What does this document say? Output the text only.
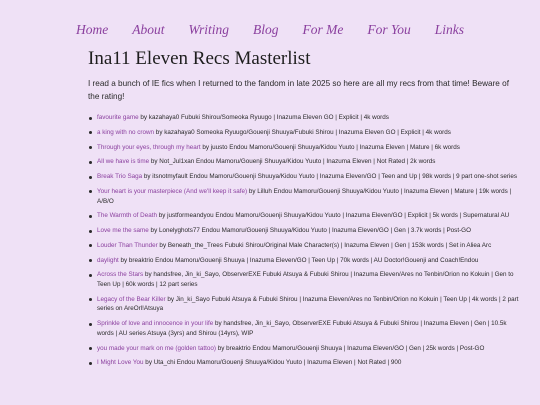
Home About Writing Blog For Me For You Links
Ina11 Eleven Recs Masterlist

I read a bunch of IE fics when I returned to the fandom in late 2025 so here are all my recs from that time! Beware of the rating!

favourite game by kazahaya0 Fubuki Shirou/Someoka Ryuugo | Inazuma Eleven GO | Explicit | 4k words
a king with no crown by kazahaya0 Someoka Ryuugo/Gouenji Shuuya/Fubuki Shirou | Inazuma Eleven GO | Explicit | 4k words
Through your eyes, through my heart by juusto Endou Mamoru/Gouenji Shuuya/Kidou Yuuto | Inazuma Eleven | Mature | 6k words
All we have is time by Not_Jul1xan Endou Mamoru/Gouenji Shuuya/Kidou Yuuto | Inazuma Eleven | Not Rated | 2k words
Break Trio Saga by itsnotmyfault Endou Mamoru/Gouenji Shuuya/Kidou Yuuto | Inazuma Eleven/GO | Teen and Up | 98k words | 9 part one-shot series
Your heart is your masterpiece (And we'll keep it safe) by Lilluh Endou Mamoru/Gouenji Shuuya/Kidou Yuuto | Inazuma Eleven | Mature | 19k words | A/B/O
The Warmth of Death by justformeandyou Endou Mamoru/Gouenji Shuuya/Kidou Yuuto | Inazuma Eleven/GO | Explicit | 5k words | Supernatural AU
Love me the same by Lonelyghots77 Endou Mamoru/Gouenji Shuuya/Kidou Yuuto | Inazuma Eleven/GO | Gen | 3.7k words | Post-GO
Louder Than Thunder by Beneath_the_Trees Fubuki Shirou/Original Male Character(s) | Inazuma Eleven | Gen | 153k words | Set in Aliea Arc
daylight by breaktrio Endou Mamoru/Gouenji Shuuya | Inazuma Eleven/GO | Teen Up | 70k words | AU Doctor!Gouenji and Coach!Endou
Across the Stars by handsfree, Jin_ki_Sayo, ObserverEXE Fubuki Atsuya & Fubuki Shirou | Inazuma Eleven/Ares no Tenbin/Orion no Kokuin | Gen to Teen Up | 60k words | 12 part series
Legacy of the Bear Killer by Jin_ki_Sayo Fubuki Atsuya & Fubuki Shirou | Inazuma Eleven/Ares no Tenbin/Orion no Kokuin | Teen Up | 4k words | 2 part series on AreOrl!Atsuya
Sprinkle of love and innocence in your life by handsfree, Jin_ki_Sayo, ObserverEXE Fubuki Atsuya & Fubuki Shirou | Inazuma Eleven | Gen | 10.5k words | AU series Atsuya (3yrs) and Shirou (14yrs), WIP
you made your mark on me (golden tattoo) by breaktrio Endou Mamoru/Gouenji Shuuya | Inazuma Eleven/GO | Gen | 25k words | Post-GO
I Might Love You by Uta_chi Endou Mamoru/Gouenji Shuuya/Kidou Yuuto | Inazuma Eleven | Not Rated | 900
